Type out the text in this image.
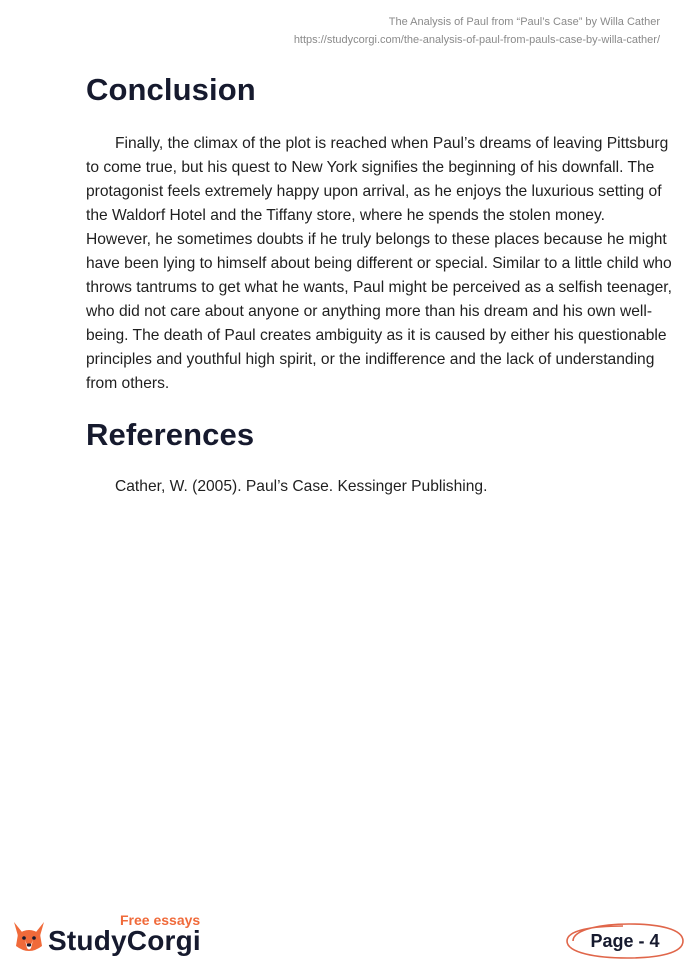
The Analysis of Paul from “Paul’s Case” by Willa Cather
https://studycorgi.com/the-analysis-of-paul-from-pauls-case-by-willa-cather/
Conclusion

Finally, the climax of the plot is reached when Paul’s dreams of leaving Pittsburg to come true, but his quest to New York signifies the beginning of his downfall. The protagonist feels extremely happy upon arrival, as he enjoys the luxurious setting of the Waldorf Hotel and the Tiffany store, where he spends the stolen money. However, he sometimes doubts if he truly belongs to these places because he might have been lying to himself about being different or special. Similar to a little child who throws tantrums to get what he wants, Paul might be perceived as a selfish teenager, who did not care about anyone or anything more than his dream and his own well-being. The death of Paul creates ambiguity as it is caused by either his questionable principles and youthful high spirit, or the indifference and the lack of understanding from others.

References

Cather, W. (2005). Paul’s Case. Kessinger Publishing.

Free essays
StudyCorgi	Page - 4
